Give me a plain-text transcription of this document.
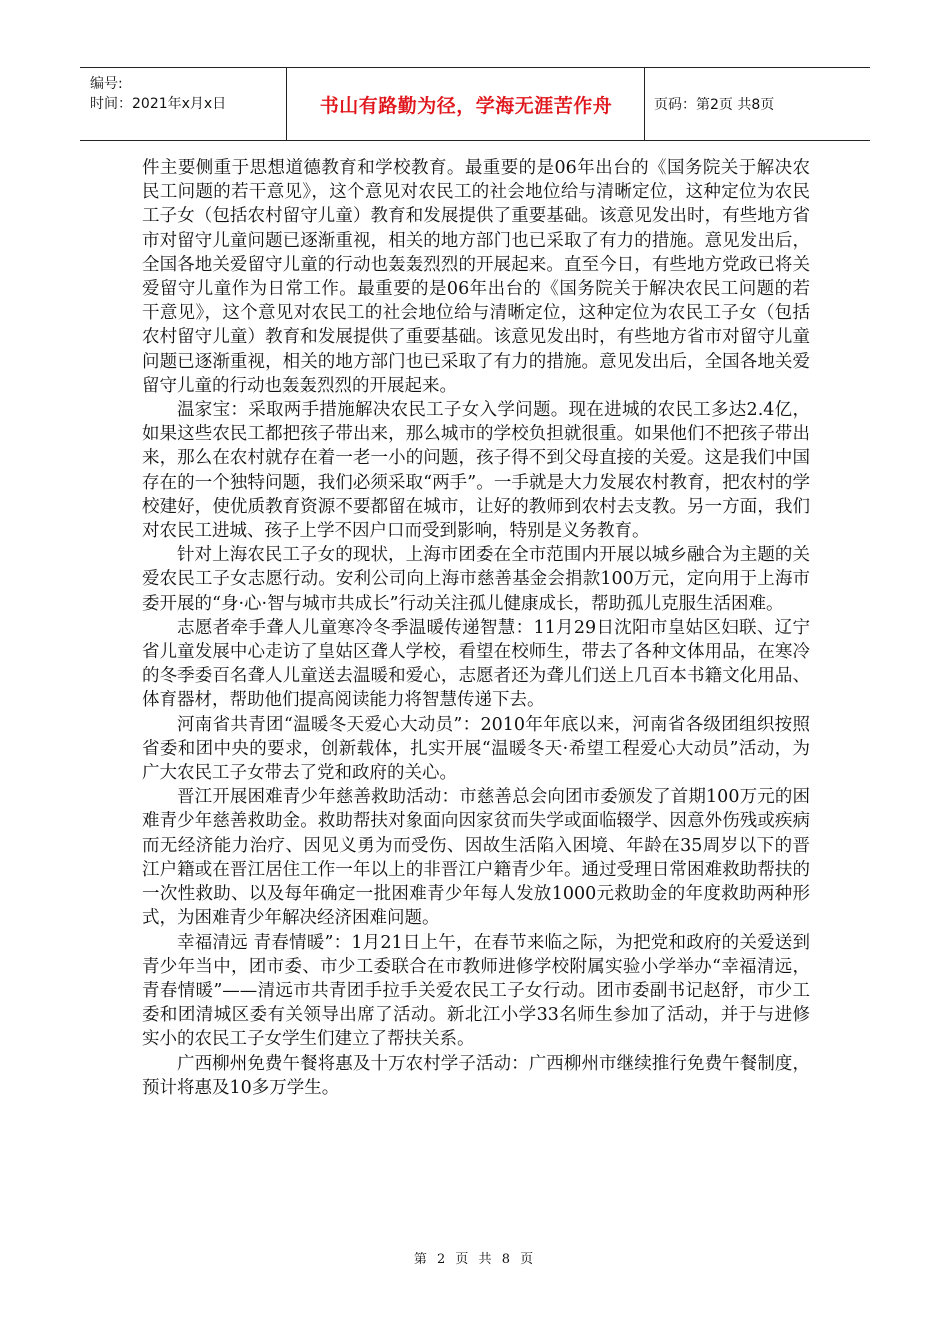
编号:
时间：2021年x月x日	书山有路勤为径，学海无涯苦作舟	页码：第2页 共8页

件主要侧重于思想道德教育和学校教育。最重要的是06年出台的《国务院关于解决农民工问题的若干意见》，这个意见对农民工的社会地位给与清晰定位，这种定位为农民工子女（包括农村留守儿童）教育和发展提供了重要基础。该意见发出时，有些地方省市对留守儿童问题已逐渐重视，相关的地方部门也已采取了有力的措施。意见发出后，全国各地关爱留守儿童的行动也轰轰烈烈的开展起来。直至今日，有些地方党政已将关爱留守儿童作为日常工作。最重要的是06年出台的《国务院关于解决农民工问题的若干意见》，这个意见对农民工的社会地位给与清晰定位，这种定位为农民工子女（包括农村留守儿童）教育和发展提供了重要基础。该意见发出时，有些地方省市对留守儿童问题已逐渐重视，相关的地方部门也已采取了有力的措施。意见发出后，全国各地关爱留守儿童的行动也轰轰烈烈的开展起来。

温家宝：采取两手措施解决农民工子女入学问题。现在进城的农民工多达2.4亿，如果这些农民工都把孩子带出来，那么城市的学校负担就很重。如果他们不把孩子带出来，那么在农村就存在着一老一小的问题，孩子得不到父母直接的关爱。这是我们中国存在的一个独特问题，我们必须采取“两手”。一手就是大力发展农村教育，把农村的学校建好，使优质教育资源不要都留在城市，让好的教师到农村去支教。另一方面，我们对农民工进城、孩子上学不因户口而受到影响，特别是义务教育。

针对上海农民工子女的现状，上海市团委在全市范围内开展以城乡融合为主题的关爱农民工子女志愿行动。安利公司向上海市慈善基金会捐款100万元，定向用于上海市委开展的“身·心·智与城市共成长”行动关注孤儿健康成长，帮助孤儿克服生活困难。

志愿者牵手聋人儿童寒冷冬季温暖传递智慧：11月29日沈阳市皇姑区妇联、辽宁省儿童发展中心走访了皇姑区聋人学校，看望在校师生，带去了各种文体用品，在寒冷的冬季委百名聋人儿童送去温暖和爱心，志愿者还为聋儿们送上几百本书籍文化用品、体育器材，帮助他们提高阅读能力将智慧传递下去。

河南省共青团“温暖冬天爱心大动员”：2010年年底以来，河南省各级团组织按照省委和团中央的要求，创新载体，扎实开展“温暖冬天·希望工程爱心大动员”活动，为广大农民工子女带去了党和政府的关心。

晋江开展困难青少年慈善救助活动：市慈善总会向团市委颁发了首期100万元的困难青少年慈善救助金。救助帮扶对象面向因家贫而失学或面临辍学、因意外伤残或疾病而无经济能力治疗、因见义勇为而受伤、因故生活陷入困境、年龄在35周岁以下的晋江户籍或在晋江居住工作一年以上的非晋江户籍青少年。通过受理日常困难救助帮扶的一次性救助、以及每年确定一批困难青少年每人发放1000元救助金的年度救助两种形式，为困难青少年解决经济困难问题。

幸福清远 青春情暖”：1月21日上午，在春节来临之际，为把党和政府的关爱送到青少年当中，团市委、市少工委联合在市教师进修学校附属实验小学举办“幸福清远，青春情暖”——清远市共青团手拉手关爱农民工子女行动。团市委副书记赵舒，市少工委和团清城区委有关领导出席了活动。新北江小学33名师生参加了活动，并于与进修实小的农民工子女学生们建立了帮扶关系。

广西柳州免费午餐将惠及十万农村学子活动：广西柳州市继续推行免费午餐制度，预计将惠及10多万学生。

第 2 页 共 8 页
